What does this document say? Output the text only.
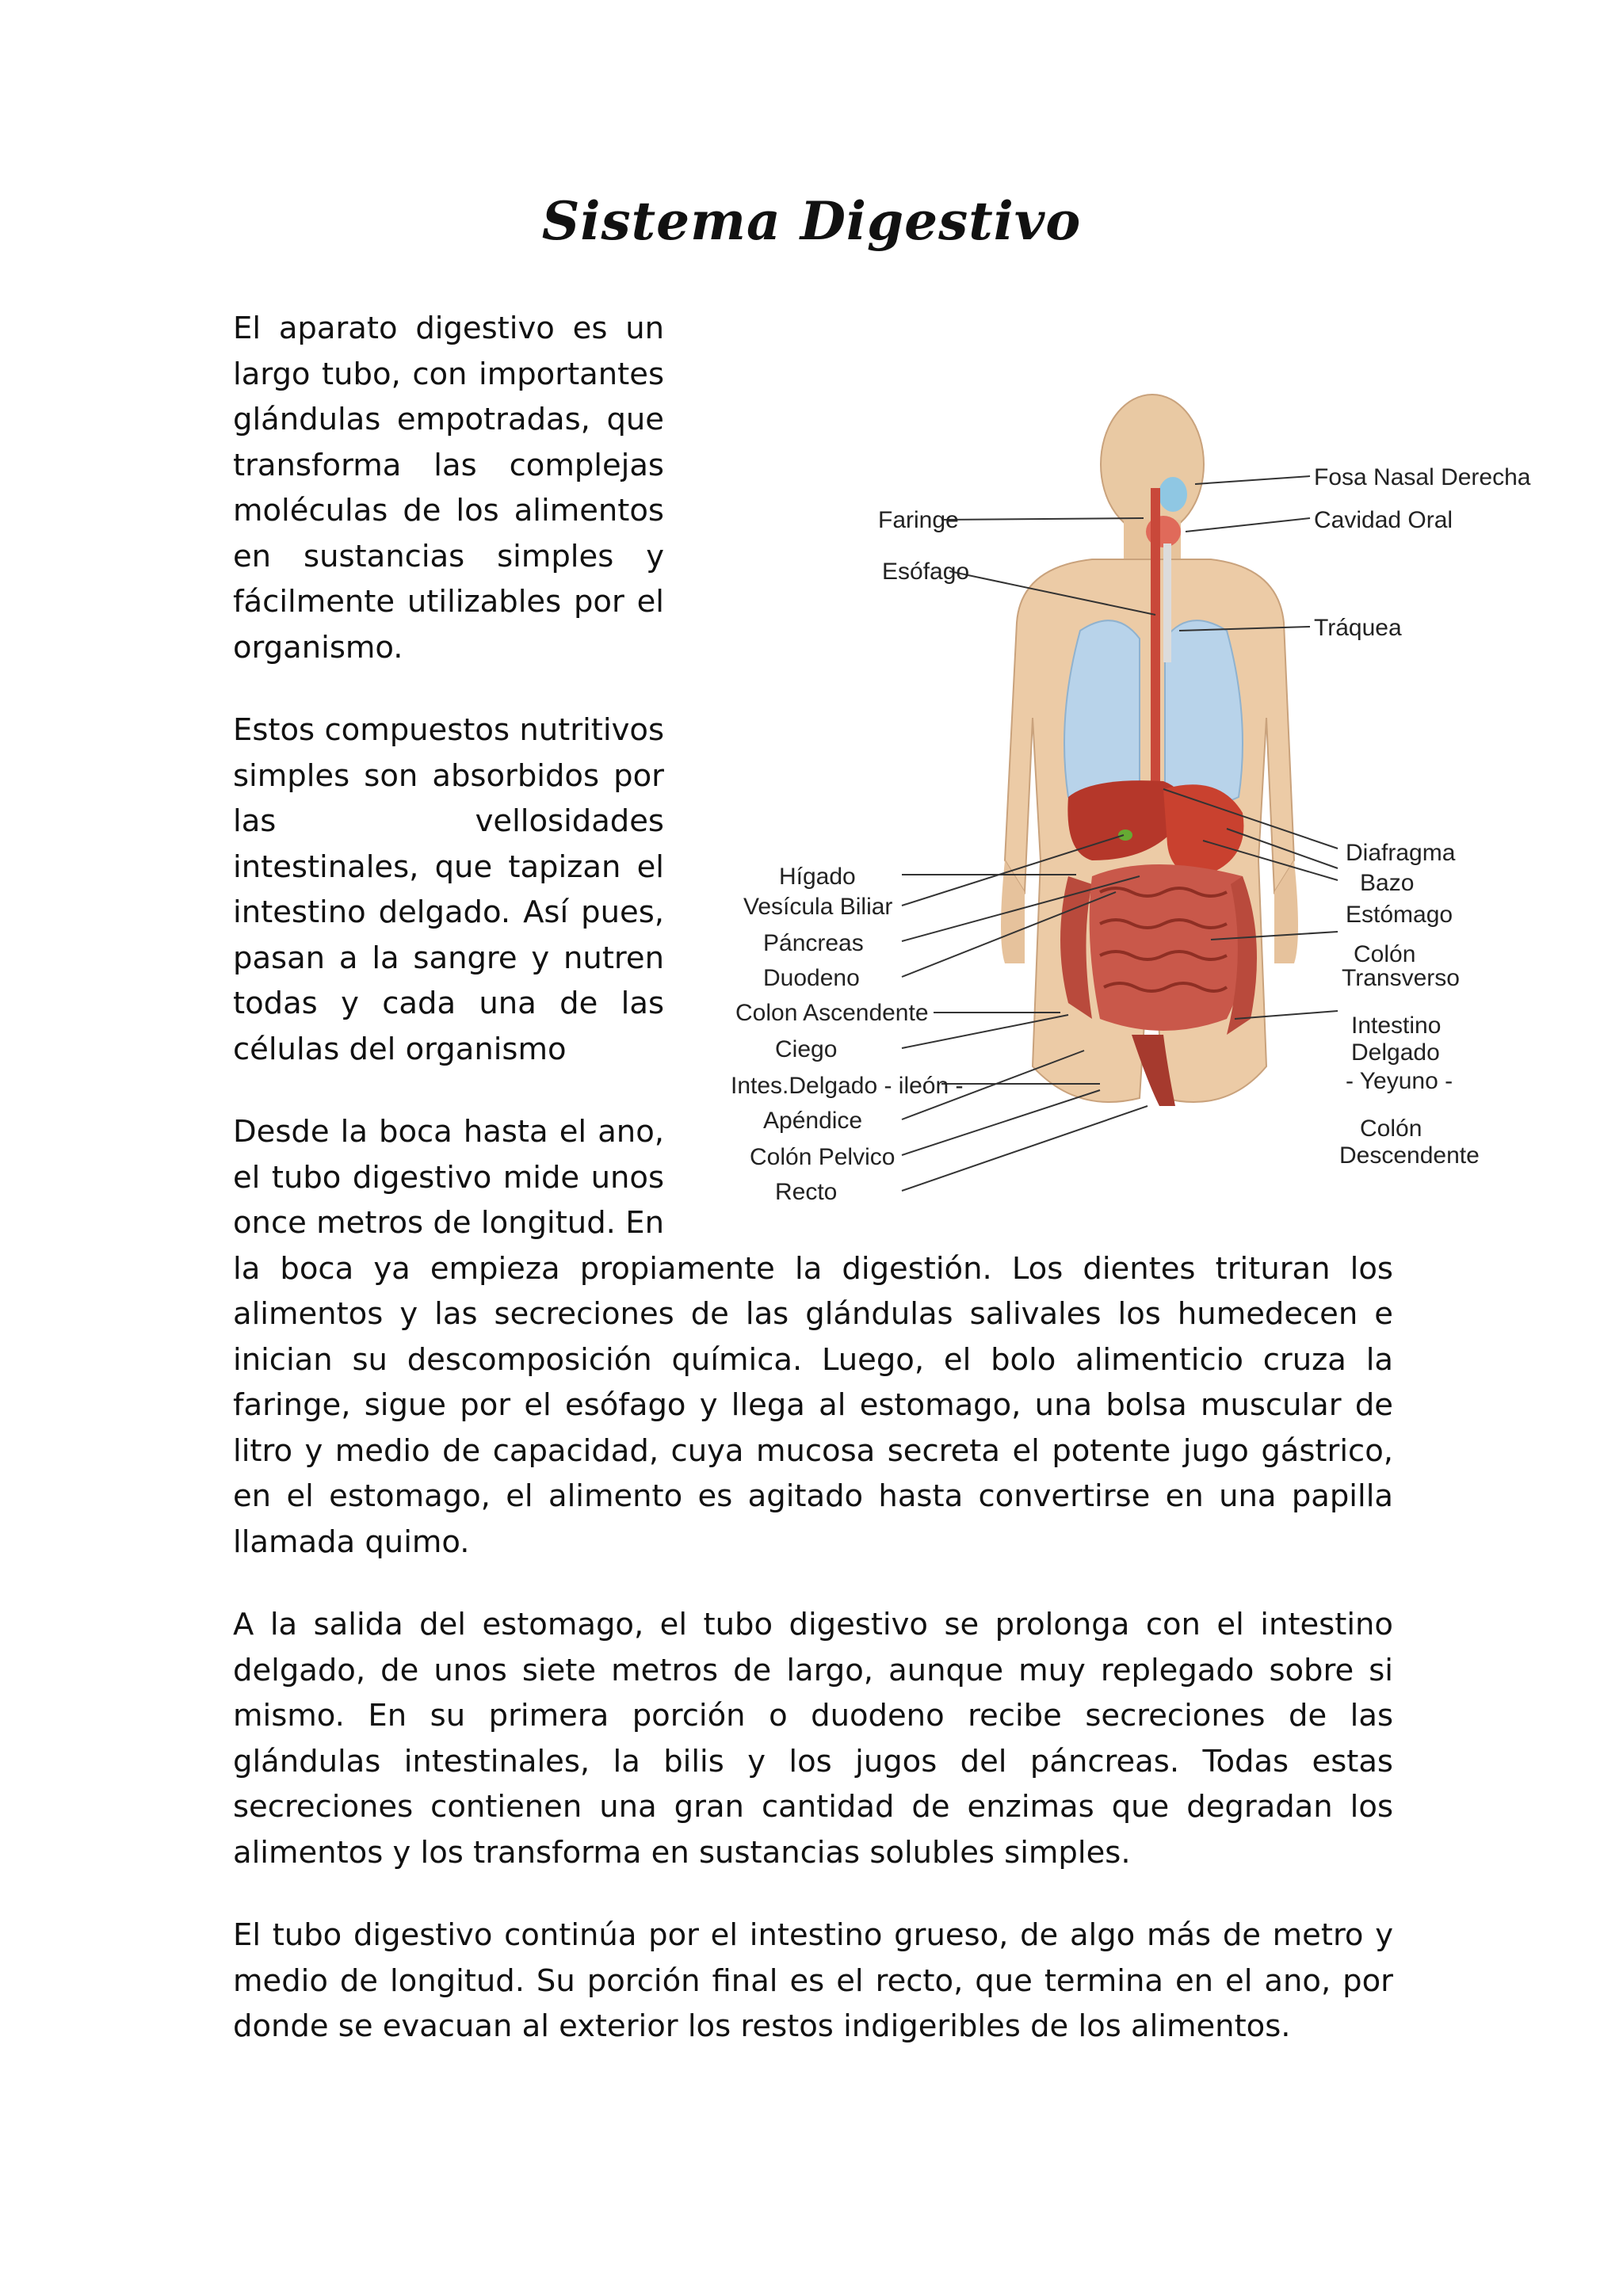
Sistema Digestivo
Fosa Nasal Derecha
Cavidad Oral
Faringe
Esófago
Tráquea
Diafragma
Bazo
Estómago
Colón
Transverso
Intestino
Delgado
- Yeyuno -
Colón
Descendente
Hígado
Vesícula Biliar
Páncreas
Duodeno
Colon Ascendente
Ciego
Intes.Delgado - ileón -
Apéndice
Colón Pelvico
Recto

El aparato digestivo es un largo tubo, con importantes glándulas empotradas, que transforma las complejas moléculas de los alimentos en sustancias simples y fácilmente utilizables por el organismo.

Estos compuestos nutritivos simples son absorbidos por las vellosidades intestinales, que tapizan el intestino delgado. Así pues, pasan a la sangre y nutren todas y cada una de las células del organismo

Desde la boca hasta el ano, el tubo digestivo mide unos once metros de longitud. En la boca ya empieza propiamente la digestión. Los dientes trituran los alimentos y las secreciones de las glándulas salivales los humedecen e inician su descomposición química. Luego, el bolo alimenticio cruza la faringe, sigue por el esófago y llega al estomago, una bolsa muscular de litro y medio de capacidad, cuya mucosa secreta el potente jugo gástrico, en el estomago, el alimento es agitado hasta convertirse en una papilla llamada quimo.

A la salida del estomago, el tubo digestivo se prolonga con el intestino delgado, de unos siete metros de largo, aunque muy replegado sobre si mismo. En su primera porción o duodeno recibe secreciones de las glándulas intestinales, la bilis y los jugos del páncreas. Todas estas secreciones contienen una gran cantidad de enzimas que degradan los alimentos y los transforma en sustancias solubles simples.

El tubo digestivo continúa por el intestino grueso, de algo más de metro y medio de longitud. Su porción final es el recto, que termina en el ano, por donde se evacuan al exterior los restos indigeribles de los alimentos.
